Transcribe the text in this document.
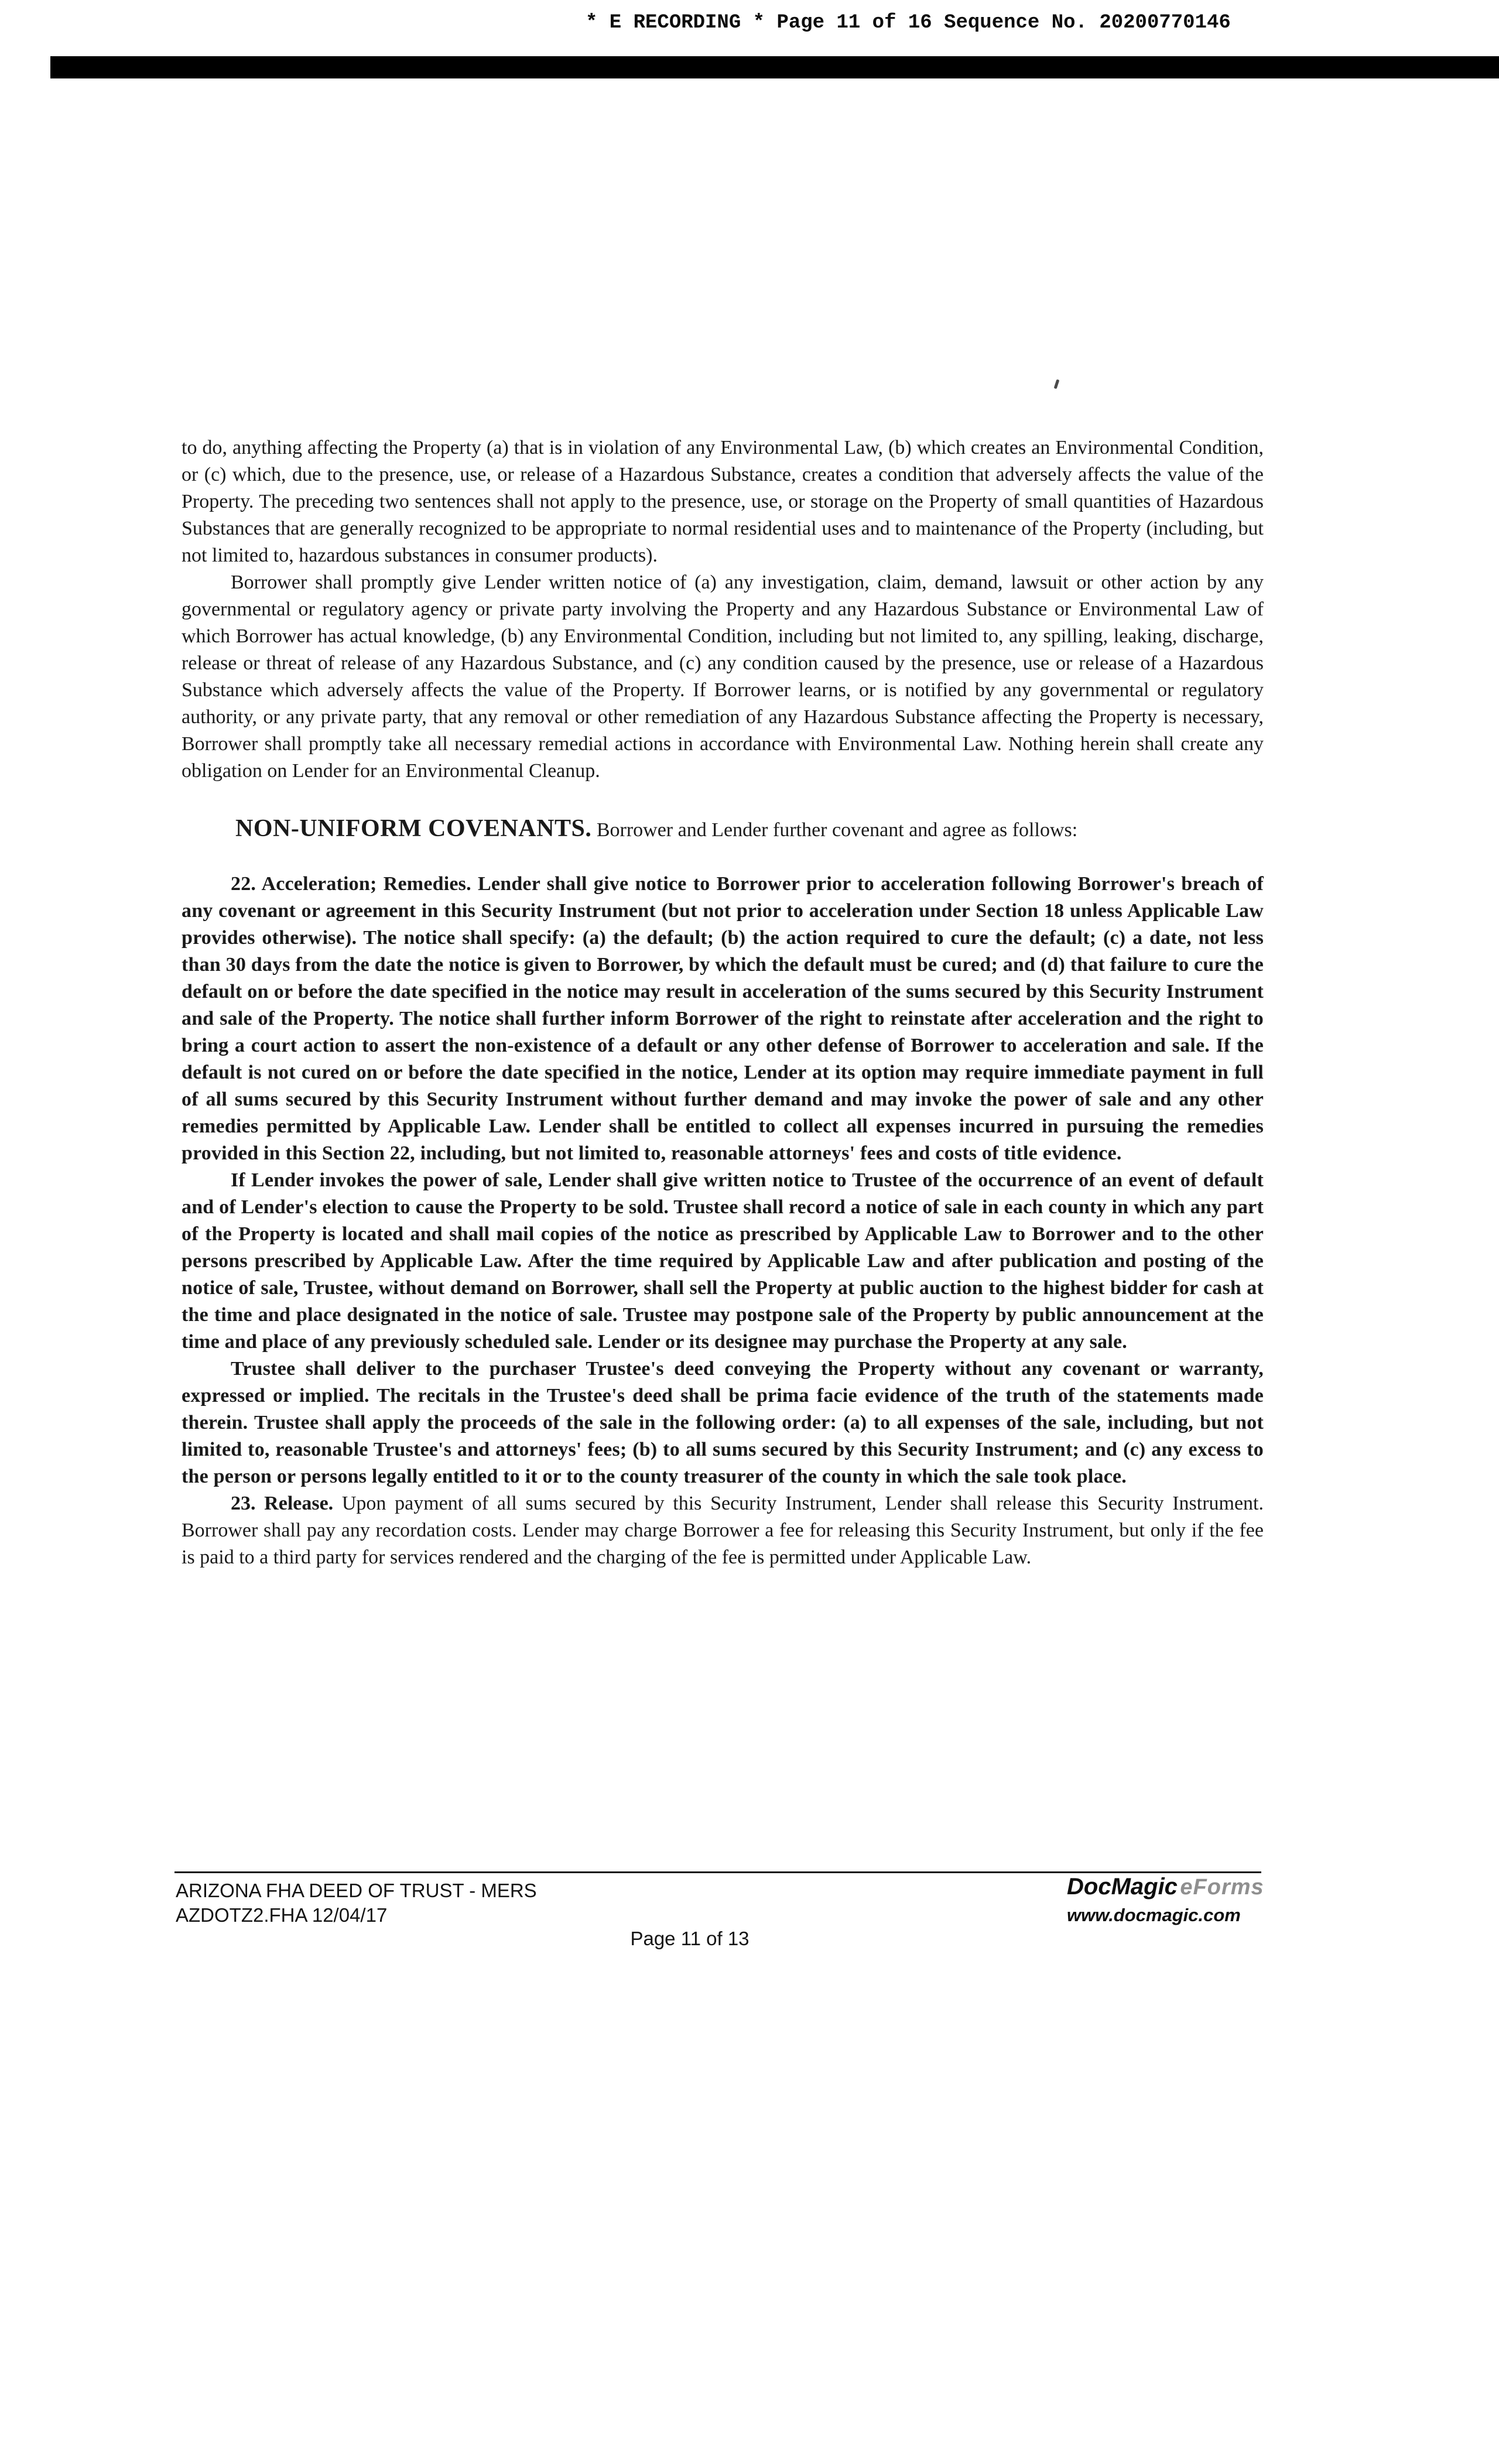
* E RECORDING * Page 11 of 16 Sequence No. 20200770146

to do, anything affecting the Property (a) that is in violation of any Environmental Law, (b) which creates an Environmental Condition, or (c) which, due to the presence, use, or release of a Hazardous Substance, creates a condition that adversely affects the value of the Property. The preceding two sentences shall not apply to the presence, use, or storage on the Property of small quantities of Hazardous Substances that are generally recognized to be appropriate to normal residential uses and to maintenance of the Property (including, but not limited to, hazardous substances in consumer products).

Borrower shall promptly give Lender written notice of (a) any investigation, claim, demand, lawsuit or other action by any governmental or regulatory agency or private party involving the Property and any Hazardous Substance or Environmental Law of which Borrower has actual knowledge, (b) any Environmental Condition, including but not limited to, any spilling, leaking, discharge, release or threat of release of any Hazardous Substance, and (c) any condition caused by the presence, use or release of a Hazardous Substance which adversely affects the value of the Property. If Borrower learns, or is notified by any governmental or regulatory authority, or any private party, that any removal or other remediation of any Hazardous Substance affecting the Property is necessary, Borrower shall promptly take all necessary remedial actions in accordance with Environmental Law. Nothing herein shall create any obligation on Lender for an Environmental Cleanup.

NON-UNIFORM COVENANTS. Borrower and Lender further covenant and agree as follows:

22. Acceleration; Remedies. Lender shall give notice to Borrower prior to acceleration following Borrower's breach of any covenant or agreement in this Security Instrument (but not prior to acceleration under Section 18 unless Applicable Law provides otherwise). The notice shall specify: (a) the default; (b) the action required to cure the default; (c) a date, not less than 30 days from the date the notice is given to Borrower, by which the default must be cured; and (d) that failure to cure the default on or before the date specified in the notice may result in acceleration of the sums secured by this Security Instrument and sale of the Property. The notice shall further inform Borrower of the right to reinstate after acceleration and the right to bring a court action to assert the non-existence of a default or any other defense of Borrower to acceleration and sale. If the default is not cured on or before the date specified in the notice, Lender at its option may require immediate payment in full of all sums secured by this Security Instrument without further demand and may invoke the power of sale and any other remedies permitted by Applicable Law. Lender shall be entitled to collect all expenses incurred in pursuing the remedies provided in this Section 22, including, but not limited to, reasonable attorneys' fees and costs of title evidence.

If Lender invokes the power of sale, Lender shall give written notice to Trustee of the occurrence of an event of default and of Lender's election to cause the Property to be sold. Trustee shall record a notice of sale in each county in which any part of the Property is located and shall mail copies of the notice as prescribed by Applicable Law to Borrower and to the other persons prescribed by Applicable Law. After the time required by Applicable Law and after publication and posting of the notice of sale, Trustee, without demand on Borrower, shall sell the Property at public auction to the highest bidder for cash at the time and place designated in the notice of sale. Trustee may postpone sale of the Property by public announcement at the time and place of any previously scheduled sale. Lender or its designee may purchase the Property at any sale.

Trustee shall deliver to the purchaser Trustee's deed conveying the Property without any covenant or warranty, expressed or implied. The recitals in the Trustee's deed shall be prima facie evidence of the truth of the statements made therein. Trustee shall apply the proceeds of the sale in the following order: (a) to all expenses of the sale, including, but not limited to, reasonable Trustee's and attorneys' fees; (b) to all sums secured by this Security Instrument; and (c) any excess to the person or persons legally entitled to it or to the county treasurer of the county in which the sale took place.

23. Release. Upon payment of all sums secured by this Security Instrument, Lender shall release this Security Instrument. Borrower shall pay any recordation costs. Lender may charge Borrower a fee for releasing this Security Instrument, but only if the fee is paid to a third party for services rendered and the charging of the fee is permitted under Applicable Law.

ARIZONA FHA DEED OF TRUST - MERS
AZDOTZ2.FHA 12/04/17
Page 11 of 13
DocMagic eForms
www.docmagic.com
